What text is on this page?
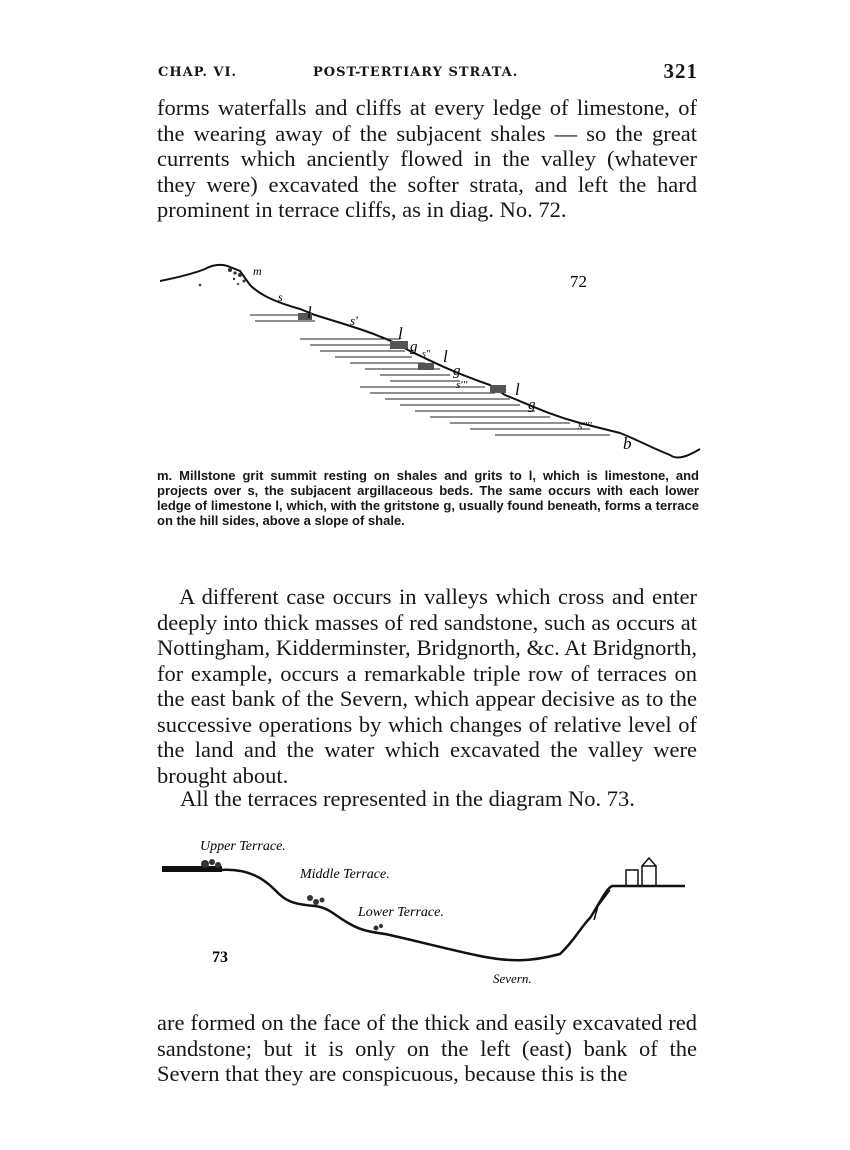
CHAP. VI.	POST-TERTIARY STRATA.	321

forms waterfalls and cliffs at every ledge of limestone, of the wearing away of the subjacent shales — so the great currents which anciently flowed in the valley (whatever they were) excavated the softer strata, and left the hard prominent in terrace cliffs, as in diag. No. 72.

m
s
l	s'
l
g s'' l
g
s'''	l
g
s''''
b
72

m. Millstone grit summit resting on shales and grits to l, which is limestone, and projects over s, the subjacent argillaceous beds. The same occurs with each lower ledge of limestone l, which, with the gritstone g, usually found beneath, forms a terrace on the hill sides, above a slope of shale.

A different case occurs in valleys which cross and enter deeply into thick masses of red sandstone, such as occurs at Nottingham, Kidderminster, Bridgnorth, &c. At Bridgnorth, for example, occurs a remarkable triple row of terraces on the east bank of the Severn, which appear decisive as to the successive operations by which changes of relative level of the land and the water which excavated the valley were brought about.

All the terraces represented in the diagram No. 73.

Upper Terrace.
Middle Terrace.
Lower Terrace.
Severn.
73

are formed on the face of the thick and easily excavated red sandstone; but it is only on the left (east) bank of the Severn that they are conspicuous, because this is the
